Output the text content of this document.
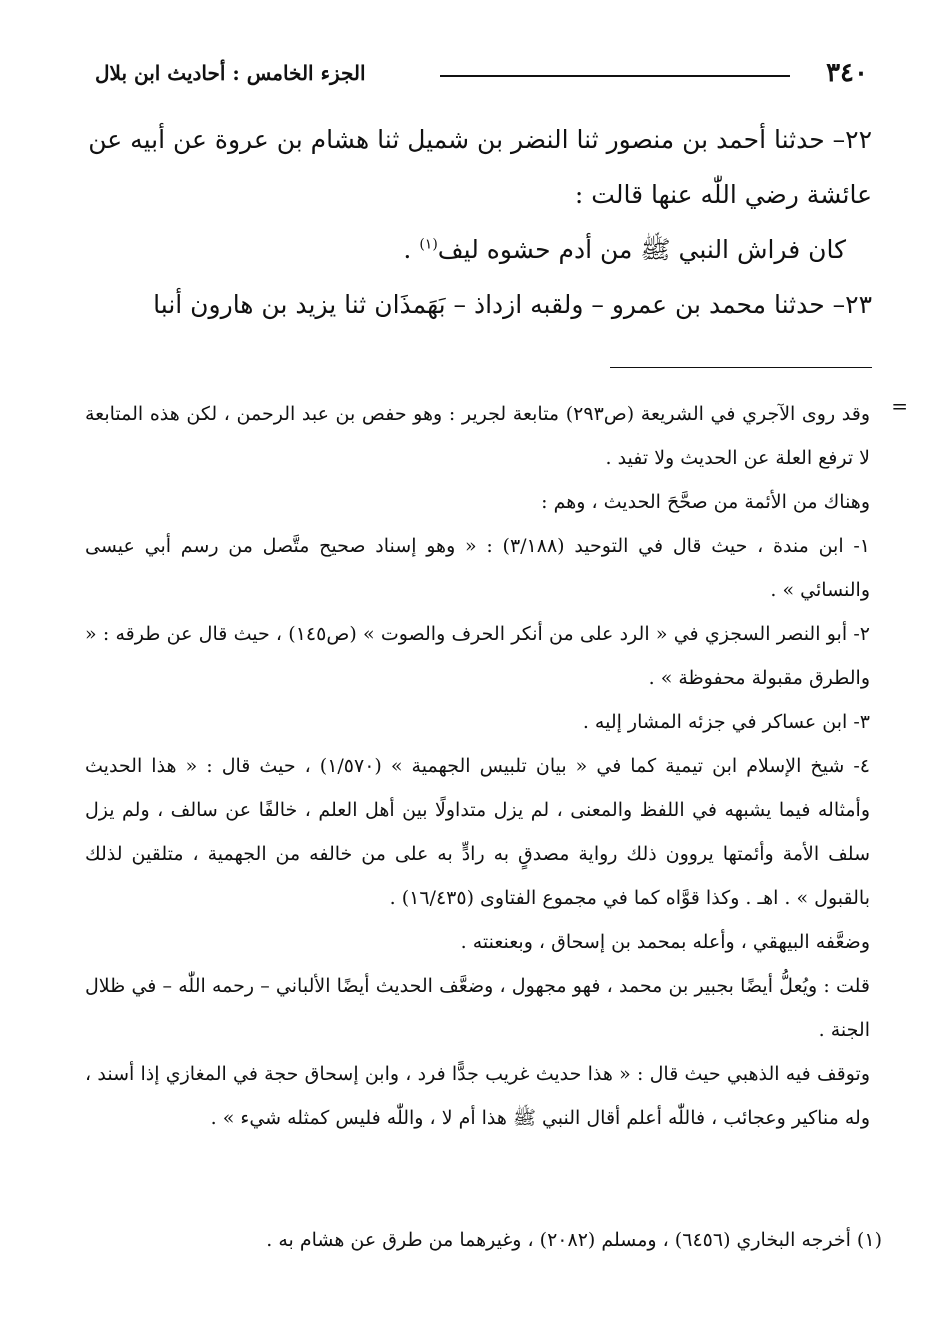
٣٤٠
الجزء الخامس : أحاديث ابن بلال

٢٢– حدثنا أحمد بن منصور ثنا النضر بن شميل ثنا هشام بن عروة عن أبيه عن

عائشة رضي اللّٰه عنها قالت :

كان فراش النبي ﷺ من أدم حشوه ليف$^{(١)}$ .

٢٣– حدثنا محمد بن عمرو – ولقبه ازداذ – بَهَمذَان ثنا يزيد بن هارون أنبا

=

وقد روى الآجري في الشريعة (ص٢٩٣) متابعة لجرير : وهو حفص بن عبد الرحمن ، لكن هذه المتابعة لا ترفع العلة عن الحديث ولا تفيد .

وهناك من الأئمة من صحَّحَ الحديث ، وهم :

١- ابن مندة ، حيث قال في التوحيد (٣/١٨٨) : « وهو إسناد صحيح متَّصل من رسم أبي عيسى والنسائي » .

٢- أبو النصر السجزي في « الرد على من أنكر الحرف والصوت » (ص١٤٥) ، حيث قال عن طرقه : « والطرق مقبولة محفوظة » .

٣- ابن عساكر في جزئه المشار إليه .

٤- شيخ الإسلام ابن تيمية كما في « بيان تلبيس الجهمية » (١/٥٧٠) ، حيث قال : « هذا الحديث وأمثاله فيما يشبهه في اللفظ والمعنى ، لم يزل متداولًا بين أهل العلم ، خالفًا عن سالف ، ولم يزل سلف الأمة وأئمتها يروون ذلك رواية مصدقٍ به رادٍّ به على من خالفه من الجهمية ، متلقين لذلك بالقبول » . اهـ . وكذا قوَّاه كما في مجموع الفتاوى (١٦/٤٣٥) .

وضعَّفه البيهقي ، وأعله بمحمد بن إسحاق ، وبعنعنته .

قلت : ويُعلُّ أيضًا بجبير بن محمد ، فهو مجهول ، وضعَّف الحديث أيضًا الألباني – رحمه اللّٰه – في ظلال الجنة .

وتوقف فيه الذهبي حيث قال : « هذا حديث غريب جدًّا فرد ، وابن إسحاق حجة في المغازي إذا أسند ، وله مناكير وعجائب ، فاللّٰه أعلم أقال النبي ﷺ هذا أم لا ، واللّٰه فليس كمثله شيء » .

(١) أخرجه البخاري (٦٤٥٦) ، ومسلم (٢٠٨٢) ، وغيرهما من طرق عن هشام به .
